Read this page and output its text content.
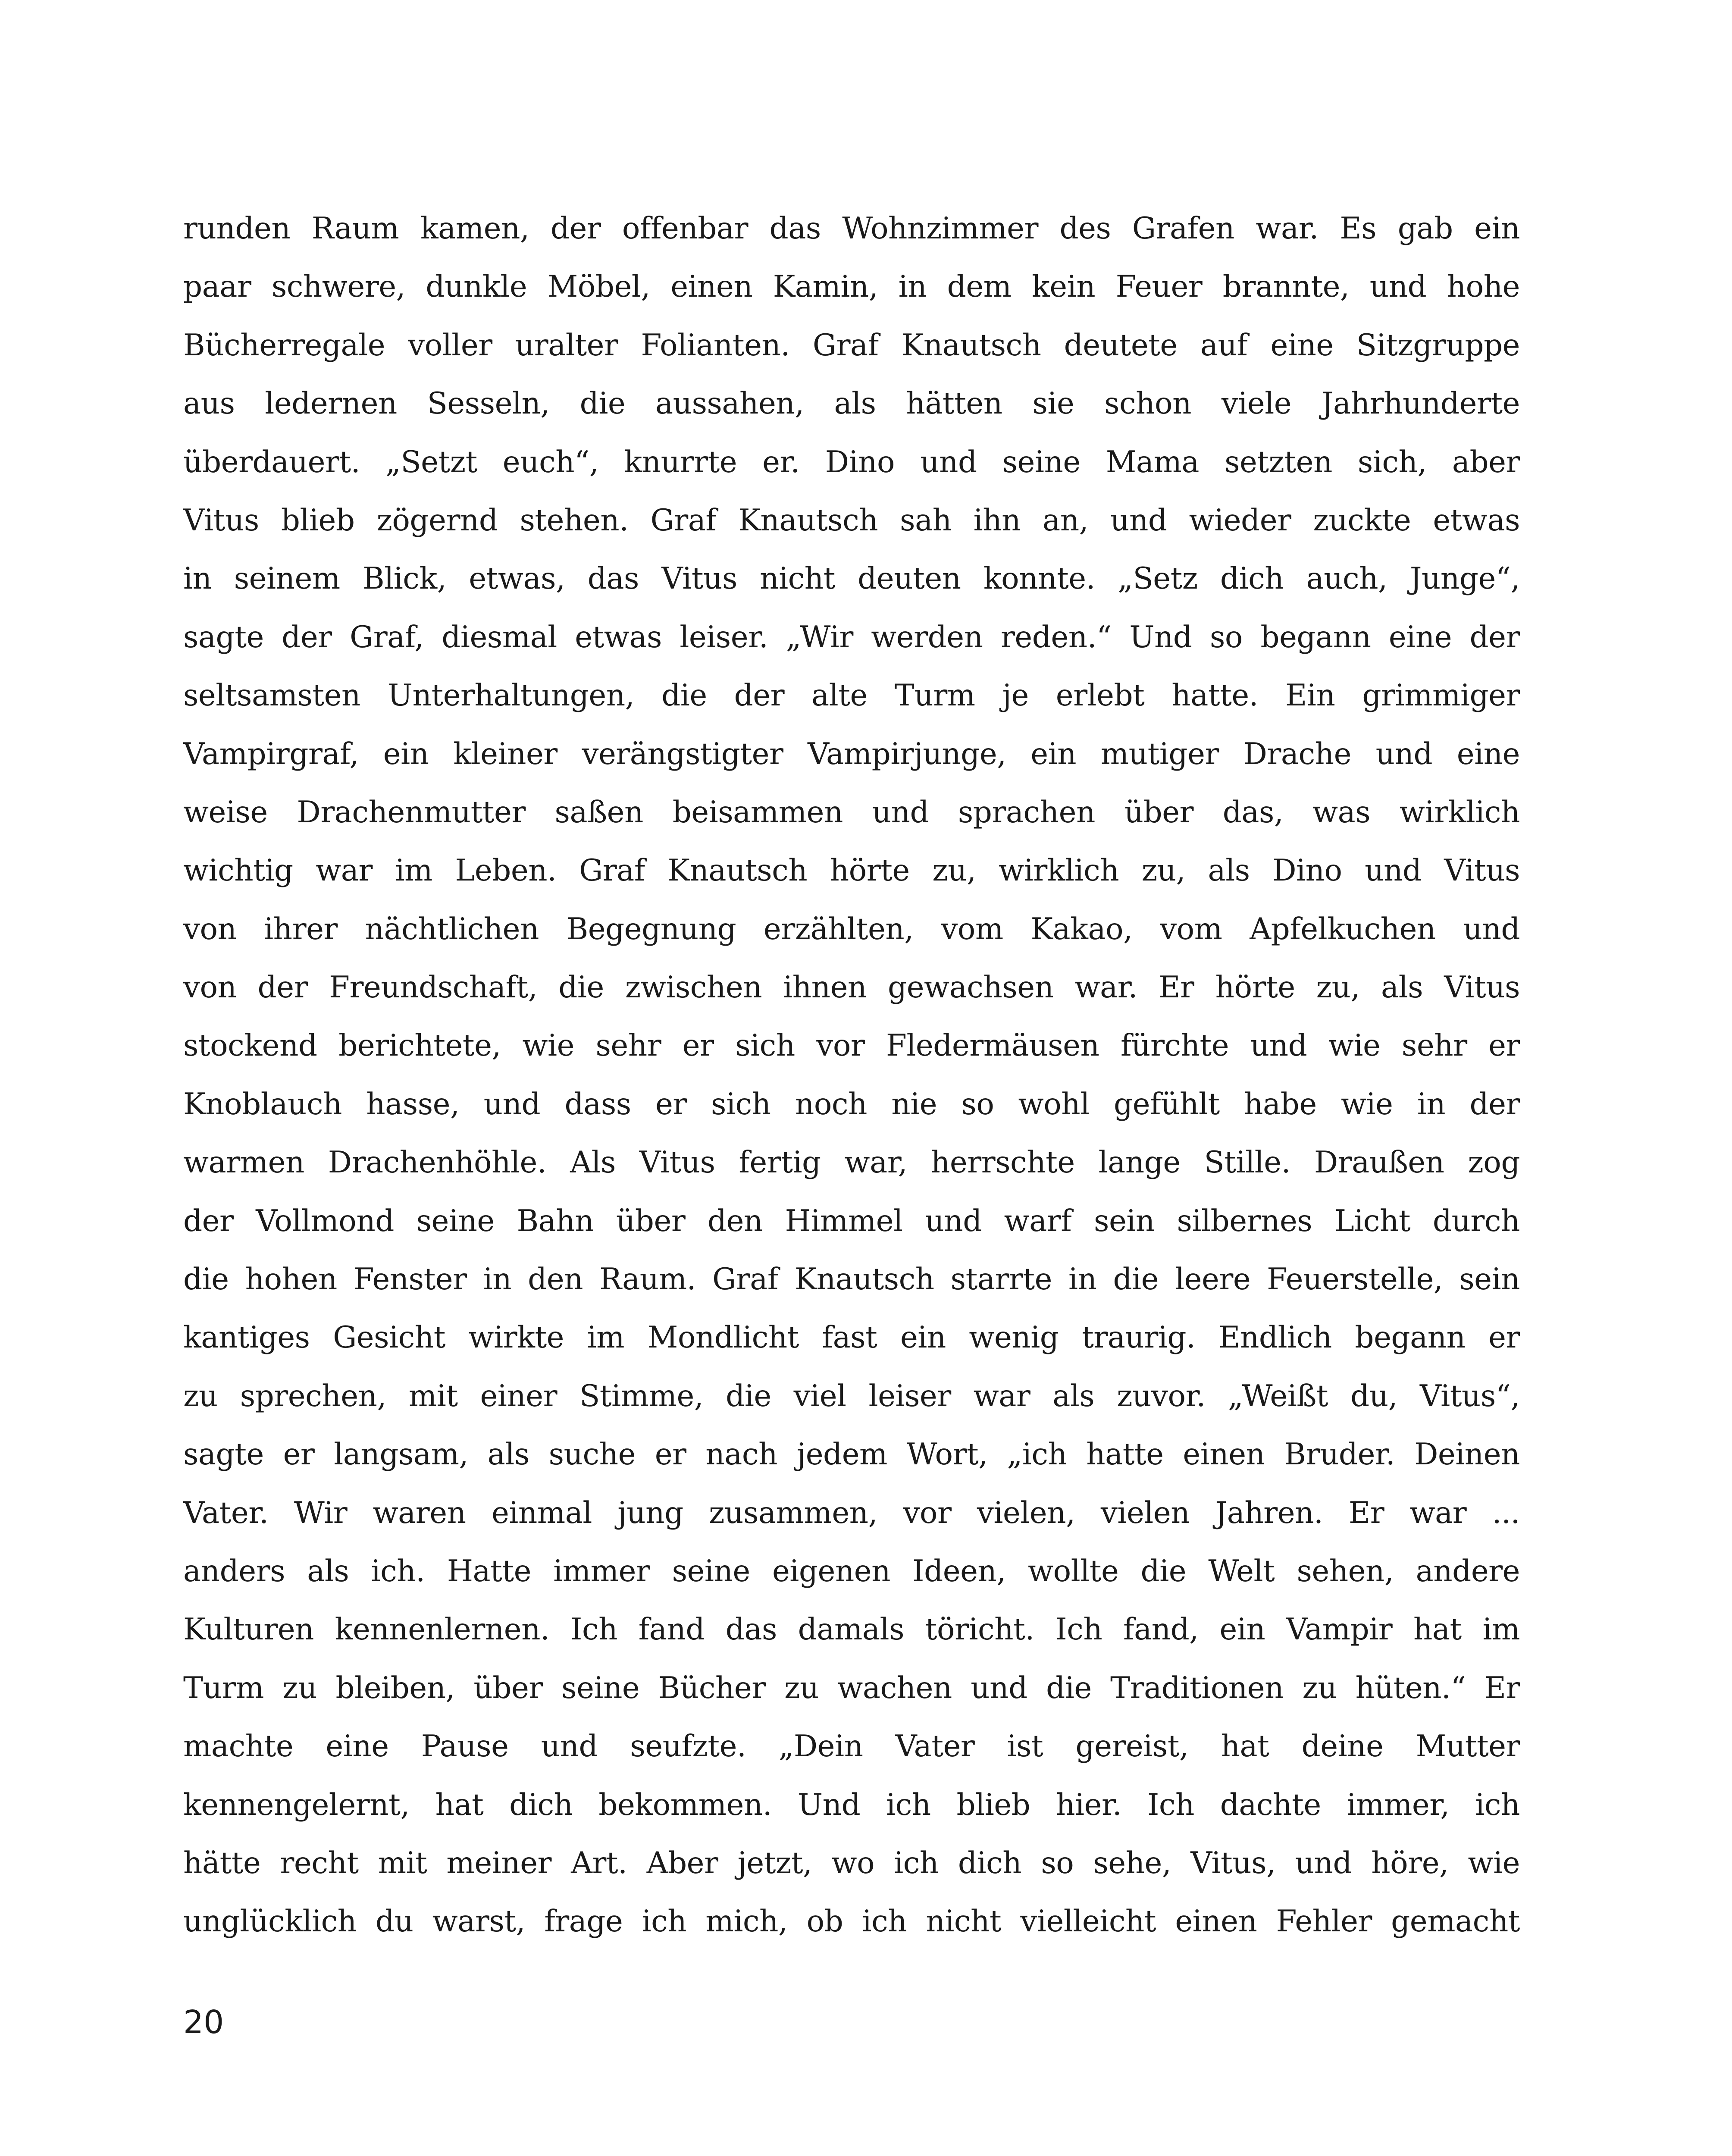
runden Raum kamen, der offenbar das Wohnzimmer des Grafen war. Es gab ein
paar schwere, dunkle Möbel, einen Kamin, in dem kein Feuer brannte, und hohe
Bücherregale voller uralter Folianten. Graf Knautsch deutete auf eine Sitzgruppe
aus ledernen Sesseln, die aussahen, als hätten sie schon viele Jahrhunderte
überdauert. „Setzt euch“, knurrte er. Dino und seine Mama setzten sich, aber
Vitus blieb zögernd stehen. Graf Knautsch sah ihn an, und wieder zuckte etwas
in seinem Blick, etwas, das Vitus nicht deuten konnte. „Setz dich auch, Junge“,
sagte der Graf, diesmal etwas leiser. „Wir werden reden.“ Und so begann eine der
seltsamsten Unterhaltungen, die der alte Turm je erlebt hatte. Ein grimmiger
Vampirgraf, ein kleiner verängstigter Vampirjunge, ein mutiger Drache und eine
weise Drachenmutter saßen beisammen und sprachen über das, was wirklich
wichtig war im Leben. Graf Knautsch hörte zu, wirklich zu, als Dino und Vitus
von ihrer nächtlichen Begegnung erzählten, vom Kakao, vom Apfelkuchen und
von der Freundschaft, die zwischen ihnen gewachsen war. Er hörte zu, als Vitus
stockend berichtete, wie sehr er sich vor Fledermäusen fürchte und wie sehr er
Knoblauch hasse, und dass er sich noch nie so wohl gefühlt habe wie in der
warmen Drachenhöhle. Als Vitus fertig war, herrschte lange Stille. Draußen zog
der Vollmond seine Bahn über den Himmel und warf sein silbernes Licht durch
die hohen Fenster in den Raum. Graf Knautsch starrte in die leere Feuerstelle, sein
kantiges Gesicht wirkte im Mondlicht fast ein wenig traurig. Endlich begann er
zu sprechen, mit einer Stimme, die viel leiser war als zuvor. „Weißt du, Vitus“,
sagte er langsam, als suche er nach jedem Wort, „ich hatte einen Bruder. Deinen
Vater. Wir waren einmal jung zusammen, vor vielen, vielen Jahren. Er war ...
anders als ich. Hatte immer seine eigenen Ideen, wollte die Welt sehen, andere
Kulturen kennenlernen. Ich fand das damals töricht. Ich fand, ein Vampir hat im
Turm zu bleiben, über seine Bücher zu wachen und die Traditionen zu hüten.“ Er
machte eine Pause und seufzte. „Dein Vater ist gereist, hat deine Mutter
kennengelernt, hat dich bekommen. Und ich blieb hier. Ich dachte immer, ich
hätte recht mit meiner Art. Aber jetzt, wo ich dich so sehe, Vitus, und höre, wie
unglücklich du warst, frage ich mich, ob ich nicht vielleicht einen Fehler gemacht
20
